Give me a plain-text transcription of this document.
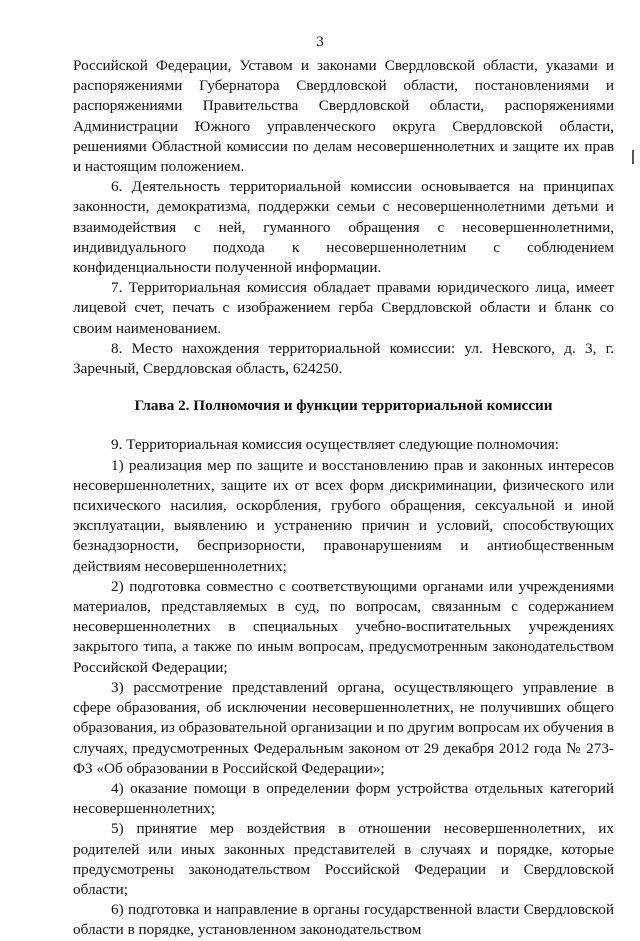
3

Российской Федерации, Уставом и законами Свердловской области, указами и распоряжениями Губернатора Свердловской области, постановлениями и распоряжениями Правительства Свердловской области, распоряжениями Администрации Южного управленческого округа Свердловской области, решениями Областной комиссии по делам несовершеннолетних и защите их прав и настоящим положением.

6. Деятельность территориальной комиссии основывается на принципах законности, демократизма, поддержки семьи с несовершеннолетними детьми и взаимодействия с ней, гуманного обращения с несовершеннолетними, индивидуального подхода к несовершеннолетним с соблюдением конфиденциальности полученной информации.

7. Территориальная комиссия обладает правами юридического лица, имеет лицевой счет, печать с изображением герба Свердловской области и бланк со своим наименованием.

8. Место нахождения территориальной комиссии: ул. Невского, д. 3, г. Заречный, Свердловская область, 624250.

Глава 2. Полномочия и функции территориальной комиссии

9. Территориальная комиссия осуществляет следующие полномочия:

1) реализация мер по защите и восстановлению прав и законных интересов несовершеннолетних, защите их от всех форм дискриминации, физического или психического насилия, оскорбления, грубого обращения, сексуальной и иной эксплуатации, выявлению и устранению причин и условий, способствующих безнадзорности, беспризорности, правонарушениям и антиобщественным действиям несовершеннолетних;

2) подготовка совместно с соответствующими органами или учреждениями материалов, представляемых в суд, по вопросам, связанным с содержанием несовершеннолетних в специальных учебно-воспитательных учреждениях закрытого типа, а также по иным вопросам, предусмотренным законодательством Российской Федерации;

3) рассмотрение представлений органа, осуществляющего управление в сфере образования, об исключении несовершеннолетних, не получивших общего образования, из образовательной организации и по другим вопросам их обучения в случаях, предусмотренных Федеральным законом от 29 декабря 2012 года № 273-ФЗ «Об образовании в Российской Федерации»;

4) оказание помощи в определении форм устройства отдельных категорий несовершеннолетних;

5) принятие мер воздействия в отношении несовершеннолетних, их родителей или иных законных представителей в случаях и порядке, которые предусмотрены законодательством Российской Федерации и Свердловской области;

6) подготовка и направление в органы государственной власти Свердловской области в порядке, установленном законодательством
